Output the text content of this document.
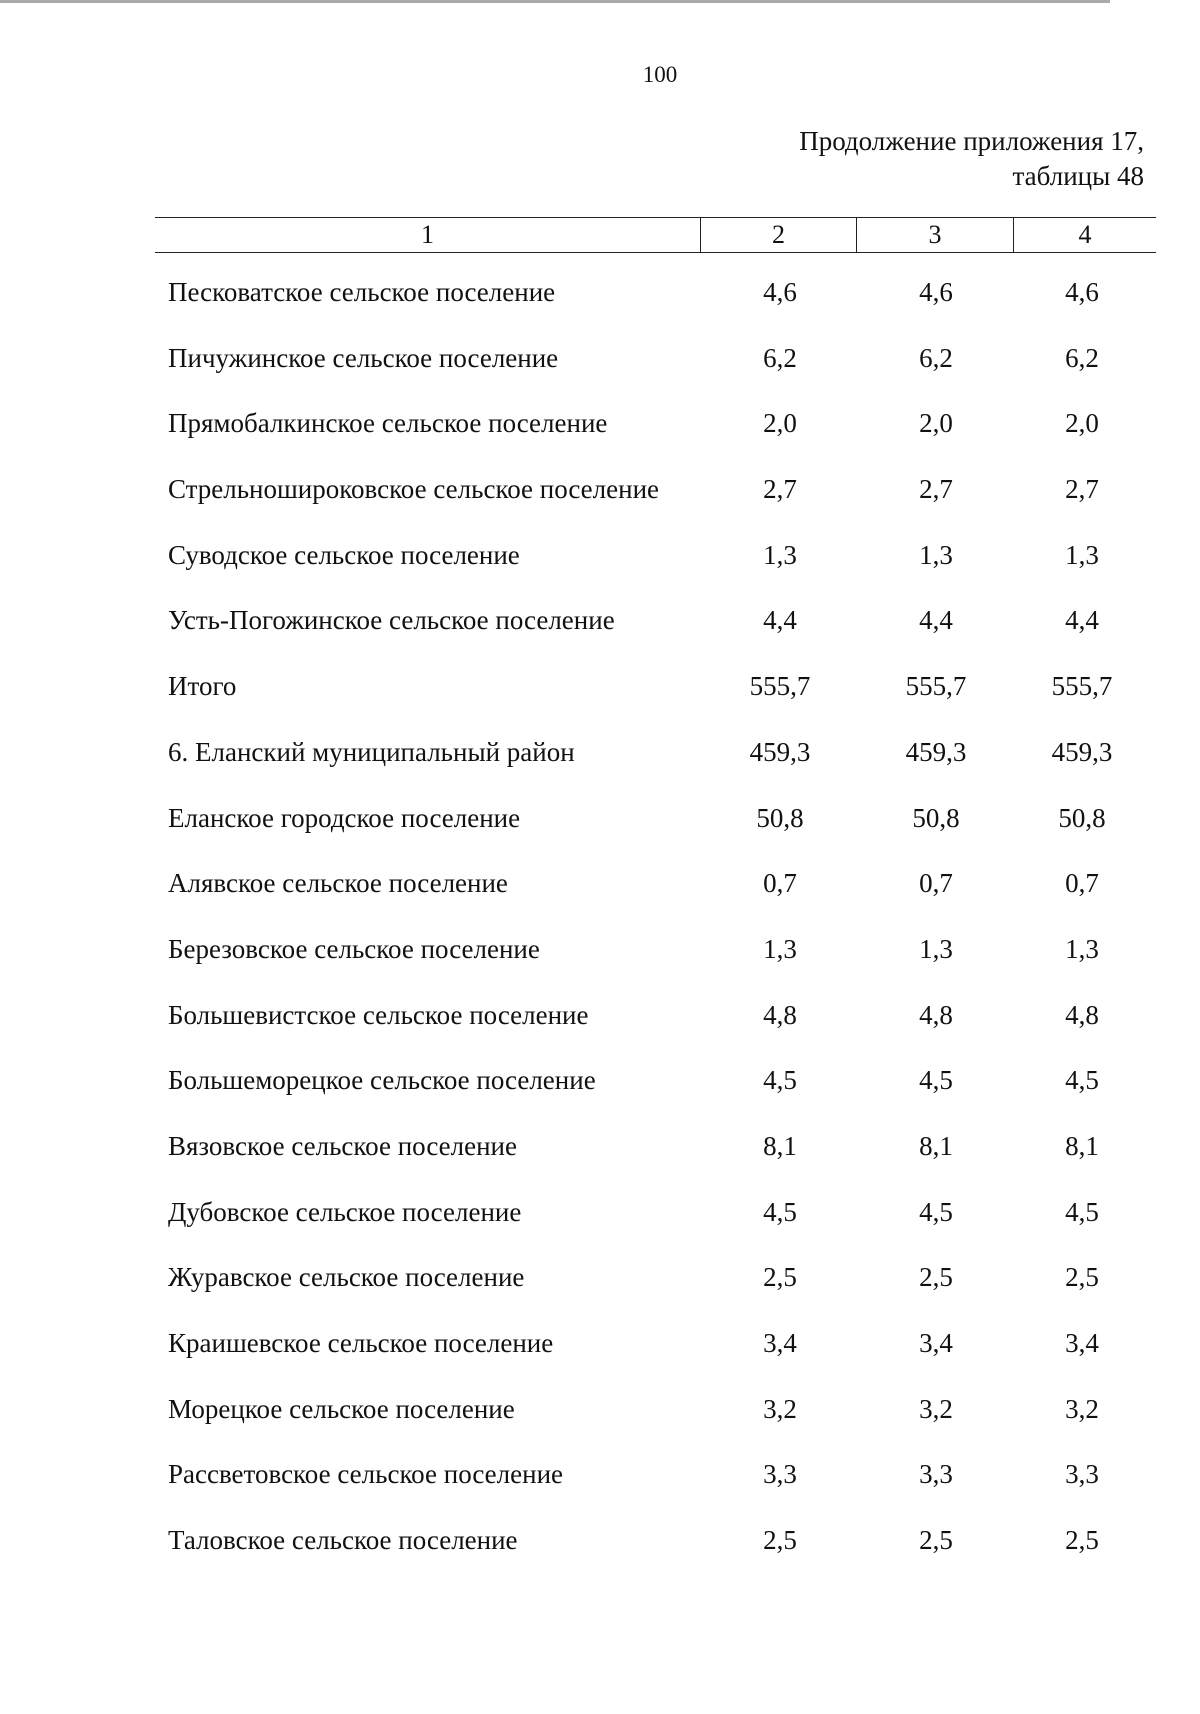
100
Продолжение приложения 17,
таблицы 48
1	2	3	4
Песковатское сельское поселение	4,6	4,6	4,6
Пичужинское сельское поселение	6,2	6,2	6,2
Прямобалкинское сельское поселение	2,0	2,0	2,0
Стрельноширoковское сельское поселение	2,7	2,7	2,7
Суводское сельское поселение	1,3	1,3	1,3
Усть-Погожинское сельское поселение	4,4	4,4	4,4
Итого	555,7	555,7	555,7
6. Еланский муниципальный район	459,3	459,3	459,3
Еланское городское поселение	50,8	50,8	50,8
Алявское сельское поселение	0,7	0,7	0,7
Березовское сельское поселение	1,3	1,3	1,3
Большевистское сельское поселение	4,8	4,8	4,8
Большеморецкое сельское поселение	4,5	4,5	4,5
Вязовское сельское поселение	8,1	8,1	8,1
Дубовское сельское поселение	4,5	4,5	4,5
Журавское сельское поселение	2,5	2,5	2,5
Краишевское сельское поселение	3,4	3,4	3,4
Морецкое сельское поселение	3,2	3,2	3,2
Рассветовское сельское поселение	3,3	3,3	3,3
Таловское сельское поселение	2,5	2,5	2,5
